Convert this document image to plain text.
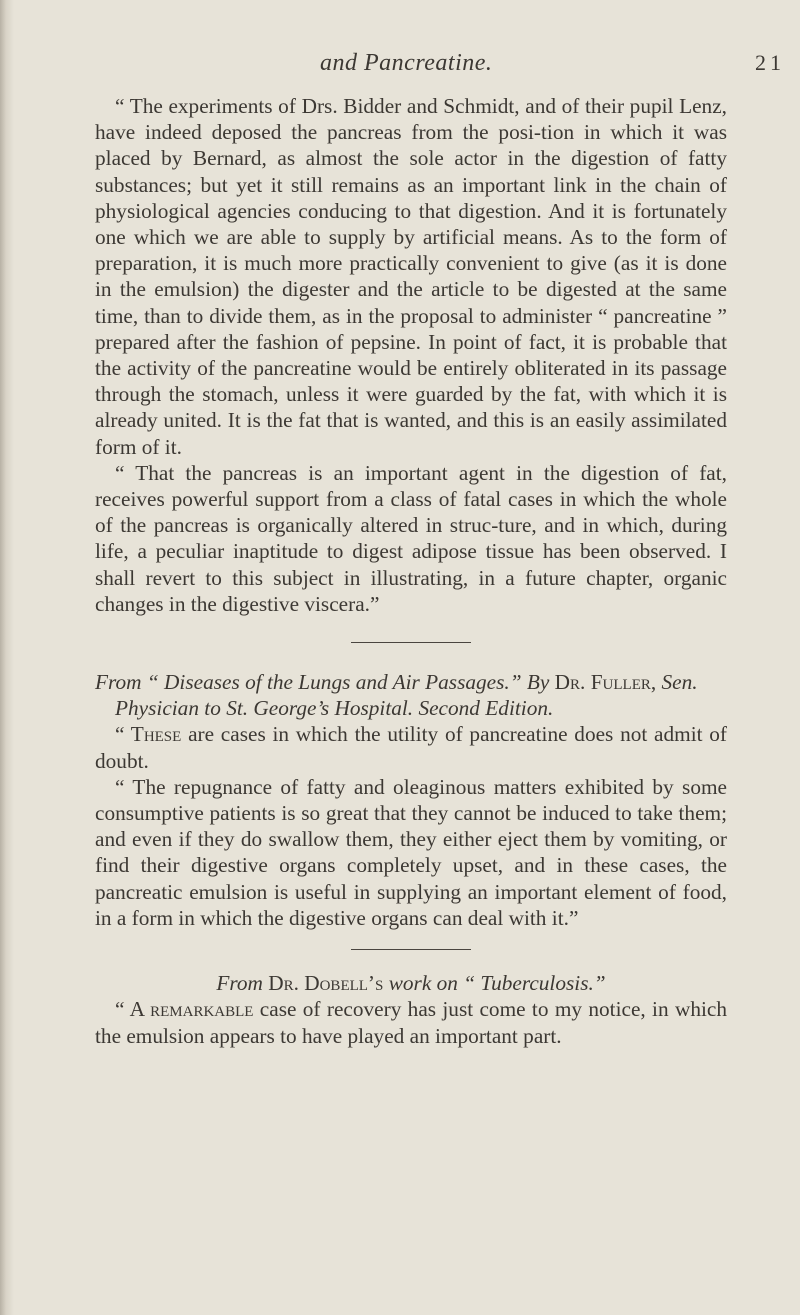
and Pancreatine.	21

“ The experiments of Drs. Bidder and Schmidt, and of their pupil Lenz, have indeed deposed the pancreas from the posi-tion in which it was placed by Bernard, as almost the sole actor in the digestion of fatty substances; but yet it still remains as an important link in the chain of physiological agencies conducing to that digestion. And it is fortunately one which we are able to supply by artificial means. As to the form of preparation, it is much more practically convenient to give (as it is done in the emulsion) the digester and the article to be digested at the same time, than to divide them, as in the proposal to administer “ pancreatine ” prepared after the fashion of pepsine. In point of fact, it is probable that the activity of the pancreatine would be entirely obliterated in its passage through the stomach, unless it were guarded by the fat, with which it is already united. It is the fat that is wanted, and this is an easily assimilated form of it.

“ That the pancreas is an important agent in the digestion of fat, receives powerful support from a class of fatal cases in which the whole of the pancreas is organically altered in struc-ture, and in which, during life, a peculiar inaptitude to digest adipose tissue has been observed. I shall revert to this subject in illustrating, in a future chapter, organic changes in the digestive viscera.”

From “ Diseases of the Lungs and Air Passages.” By Dr. Fuller, Sen. Physician to St. George’s Hospital. Second Edition.

“ These are cases in which the utility of pancreatine does not admit of doubt.

“ The repugnance of fatty and oleaginous matters exhibited by some consumptive patients is so great that they cannot be induced to take them; and even if they do swallow them, they either eject them by vomiting, or find their digestive organs completely upset, and in these cases, the pancreatic emulsion is useful in supplying an important element of food, in a form in which the digestive organs can deal with it.”

From Dr. Dobell’s work on “ Tuberculosis.”

“ A remarkable case of recovery has just come to my notice, in which the emulsion appears to have played an important part.
